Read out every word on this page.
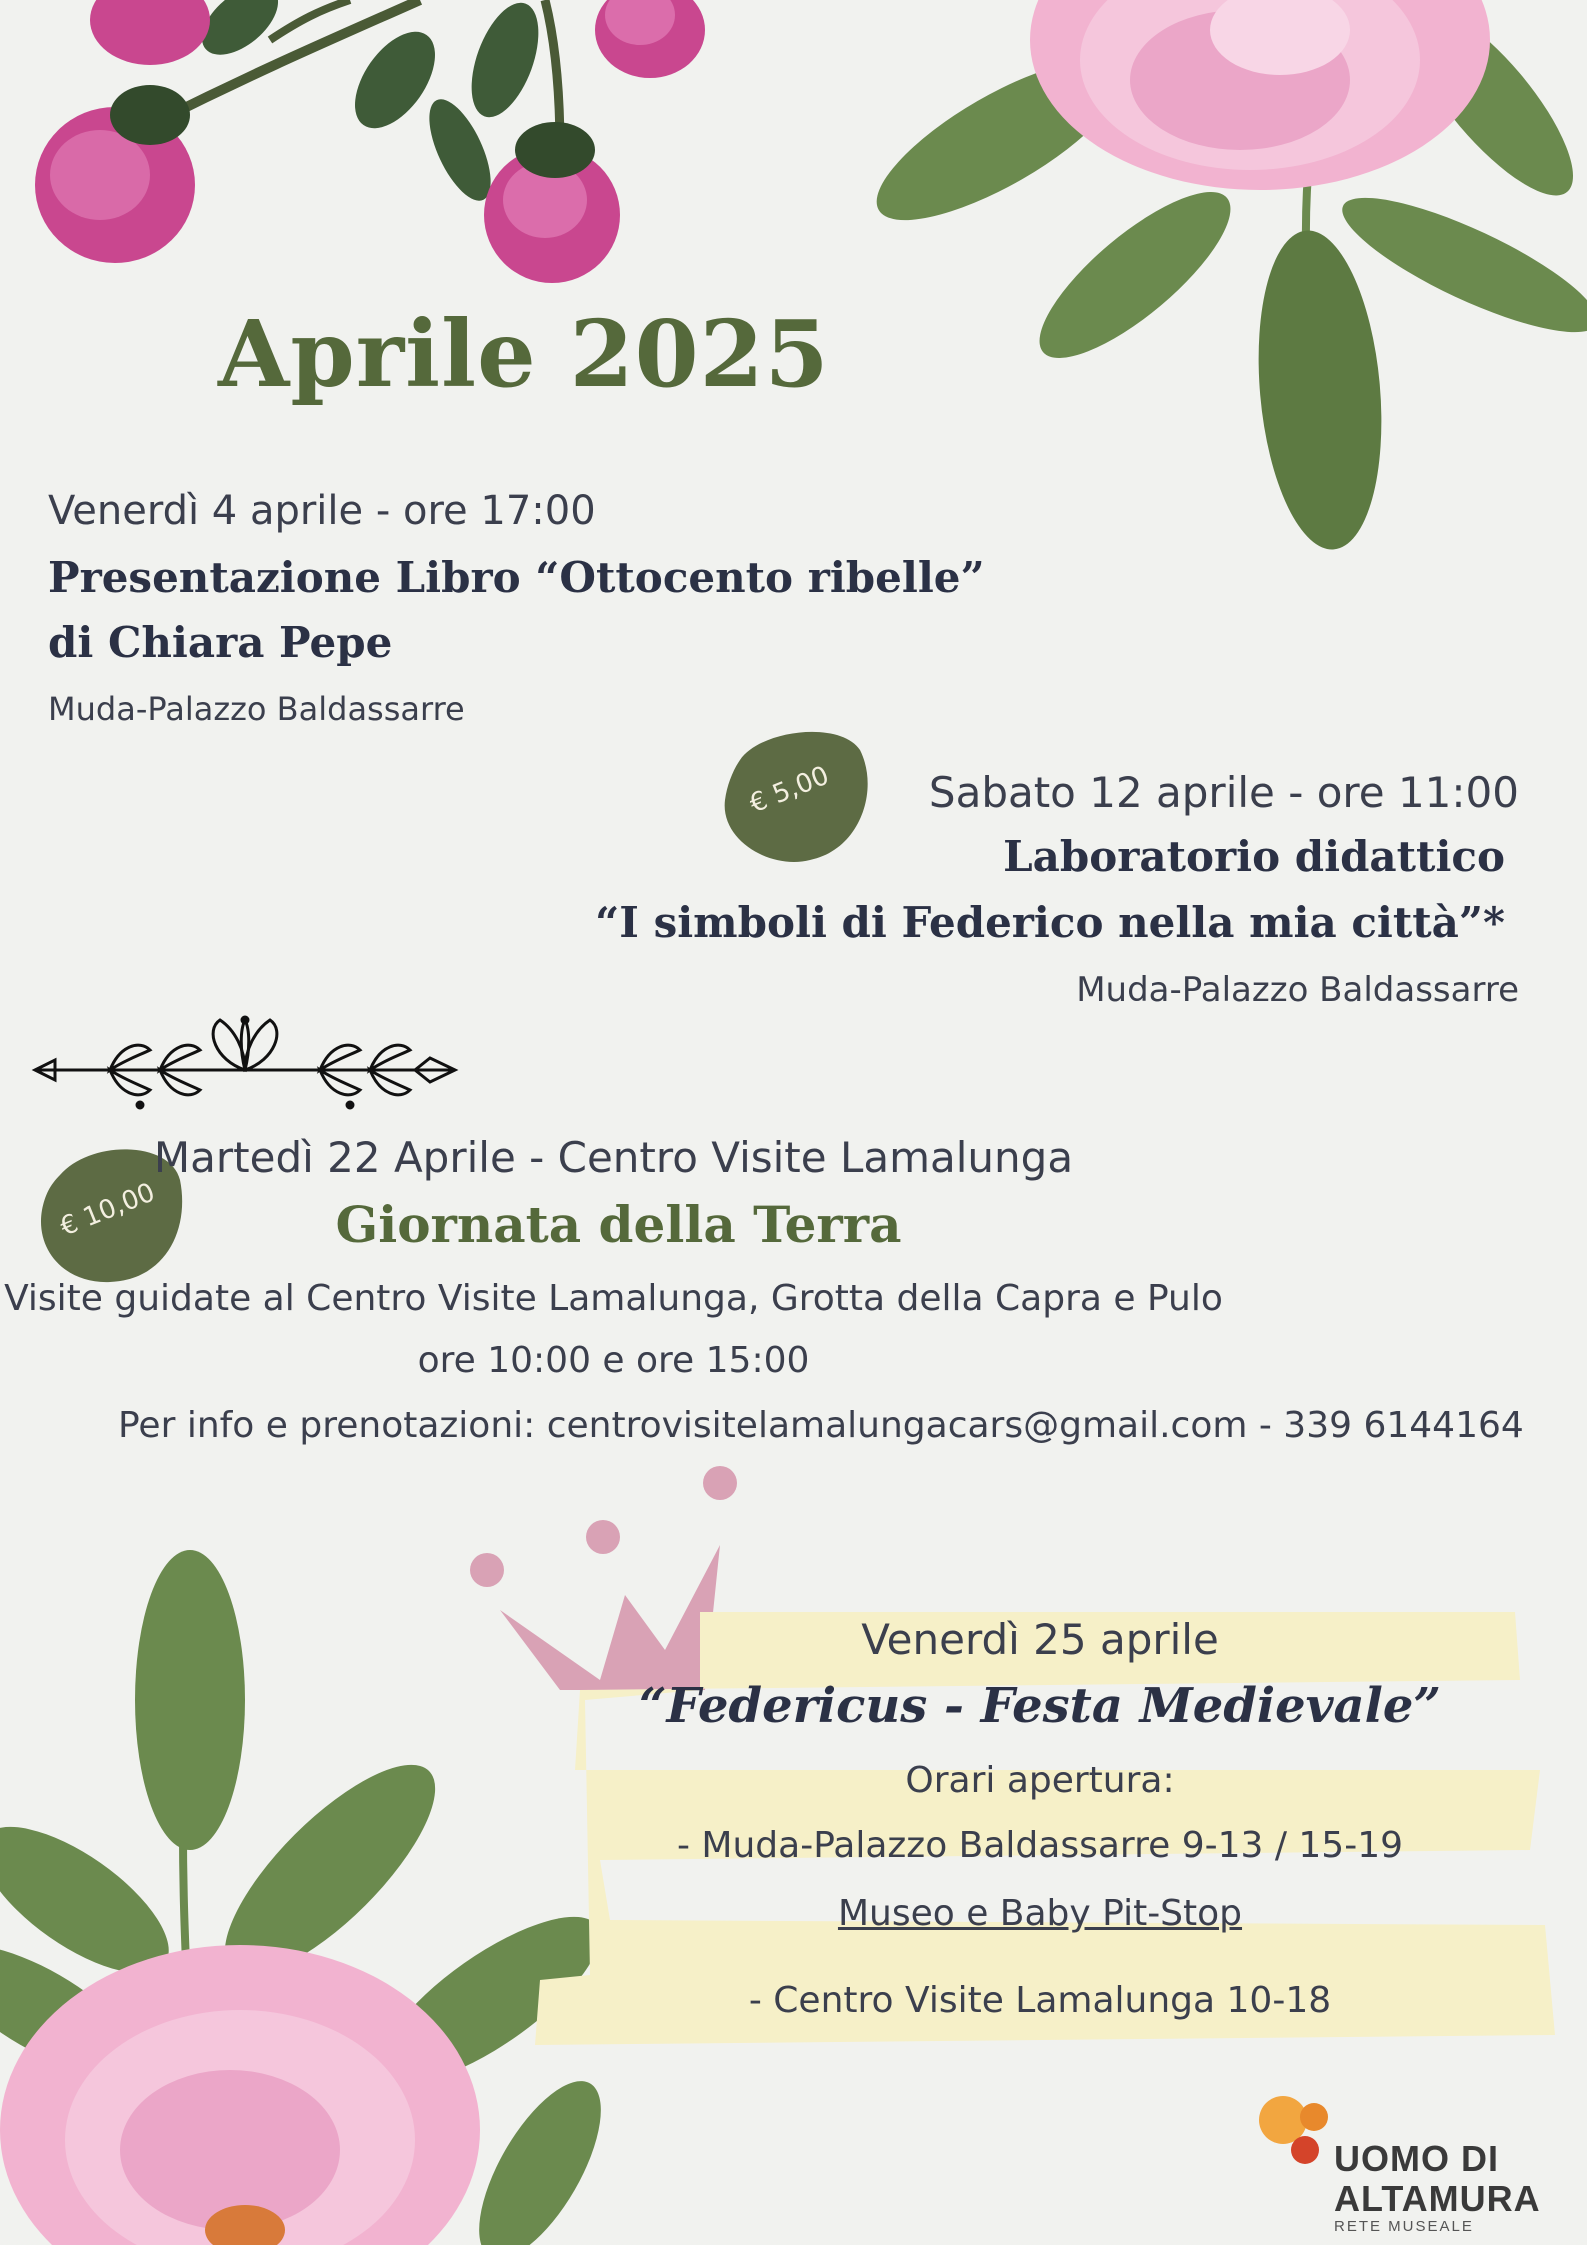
Aprile 2025
Venerdì 4 aprile - ore 17:00
Presentazione Libro “Ottocento ribelle”
di Chiara Pepe
Muda-Palazzo Baldassarre
€ 5,00 Sabato 12 aprile - ore 11:00
Laboratorio didattico
“I simboli di Federico nella mia città”*
Muda-Palazzo Baldassarre
€ 10,00
Martedì 22 Aprile - Centro Visite Lamalunga
Giornata della Terra
Visite guidate al Centro Visite Lamalunga, Grotta della Capra e Pulo
ore 10:00 e ore 15:00
Per info e prenotazioni: centrovisitelamalungacars@gmail.com - 339 6144164
Venerdì 25 aprile
“Federicus - Festa Medievale”
Orari apertura:
- Muda-Palazzo Baldassarre 9-13 / 15-19
Museo e Baby Pit-Stop
- Centro Visite Lamalunga 10-18
UOMO DI
ALTAMURA
RETE MUSEALE
